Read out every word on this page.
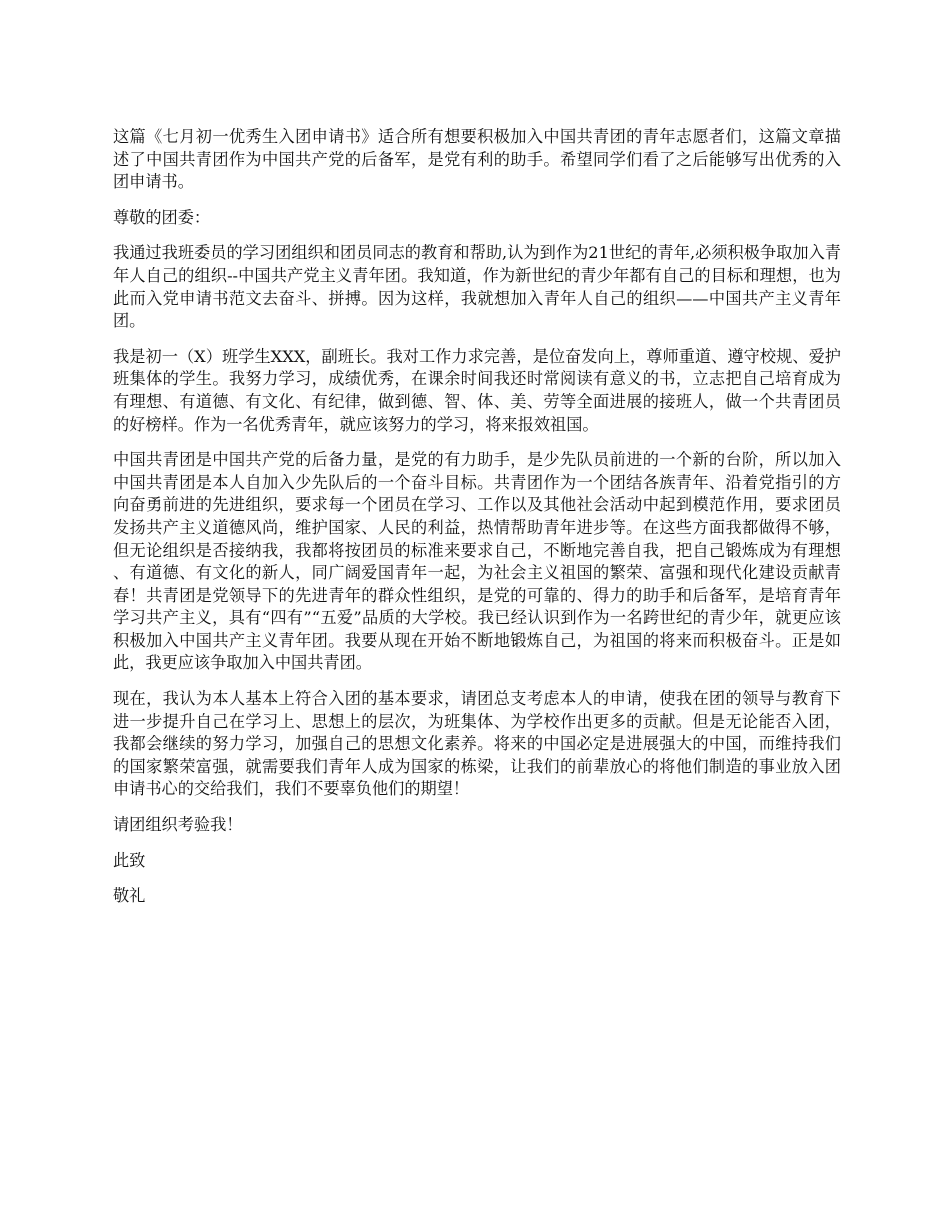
这篇《七月初一优秀生入团申请书》适合所有想要积极加入中国共青团的青年志愿者们，这篇文章描述了中国共青团作为中国共产党的后备军，是党有利的助手。希望同学们看了之后能够写出优秀的入团申请书。

尊敬的团委：

我通过我班委员的学习团组织和团员同志的教育和帮助,认为到作为21世纪的青年,必须积极争取加入青年人自己的组织--中国共产党主义青年团。我知道，作为新世纪的青少年都有自己的目标和理想，也为此而入党申请书范文去奋斗、拼搏。因为这样，我就想加入青年人自己的组织——中国共产主义青年团。

我是初一（X）班学生XXX，副班长。我对工作力求完善，是位奋发向上，尊师重道、遵守校规、爱护班集体的学生。我努力学习，成绩优秀，在课余时间我还时常阅读有意义的书，立志把自己培育成为有理想、有道德、有文化、有纪律，做到德、智、体、美、劳等全面进展的接班人，做一个共青团员的好榜样。作为一名优秀青年，就应该努力的学习，将来报效祖国。

中国共青团是中国共产党的后备力量，是党的有力助手，是少先队员前进的一个新的台阶，所以加入中国共青团是本人自加入少先队后的一个奋斗目标。共青团作为一个团结各族青年、沿着党指引的方向奋勇前进的先进组织，要求每一个团员在学习、工作以及其他社会活动中起到模范作用，要求团员发扬共产主义道德风尚，维护国家、人民的利益，热情帮助青年进步等。在这些方面我都做得不够，但无论组织是否接纳我，我都将按团员的标准来要求自己，不断地完善自我，把自己锻炼成为有理想、有道德、有文化的新人，同广阔爱国青年一起，为社会主义祖国的繁荣、富强和现代化建设贡献青春！共青团是党领导下的先进青年的群众性组织，是党的可靠的、得力的助手和后备军，是培育青年学习共产主义，具有“四有”“五爱”品质的大学校。我已经认识到作为一名跨世纪的青少年，就更应该积极加入中国共产主义青年团。我要从现在开始不断地锻炼自己，为祖国的将来而积极奋斗。正是如此，我更应该争取加入中国共青团。

现在，我认为本人基本上符合入团的基本要求，请团总支考虑本人的申请，使我在团的领导与教育下进一步提升自己在学习上、思想上的层次，为班集体、为学校作出更多的贡献。但是无论能否入团，我都会继续的努力学习，加强自己的思想文化素养。将来的中国必定是进展强大的中国，而维持我们的国家繁荣富强，就需要我们青年人成为国家的栋梁，让我们的前辈放心的将他们制造的事业放入团申请书心的交给我们，我们不要辜负他们的期望！

请团组织考验我！

此致

敬礼
